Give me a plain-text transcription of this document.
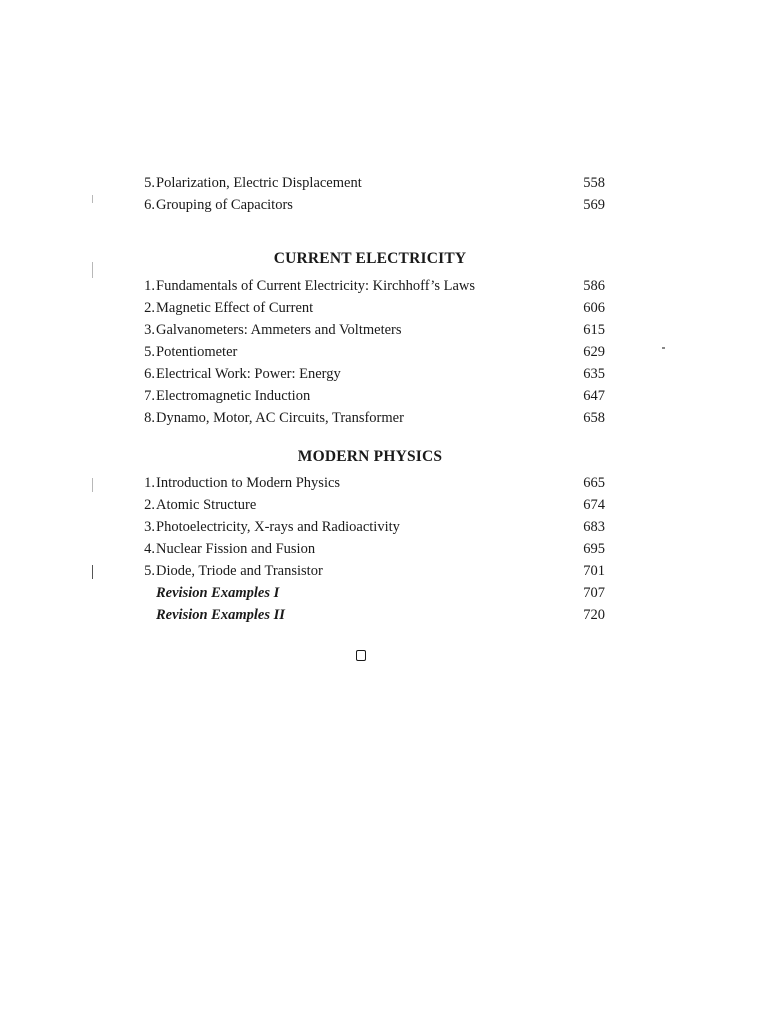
5. Polarization, Electric Displacement	558
6. Grouping of Capacitors	569
CURRENT ELECTRICITY
1. Fundamentals of Current Electricity: Kirchhoff’s Laws	586
2. Magnetic Effect of Current	606
3. Galvanometers: Ammeters and Voltmeters	615
5. Potentiometer	629
6. Electrical Work: Power: Energy	635
7. Electromagnetic Induction	647
8. Dynamo, Motor, AC Circuits, Transformer	658
MODERN PHYSICS
1. Introduction to Modern Physics	665
2. Atomic Structure	674
3. Photoelectricity, X-rays and Radioactivity	683
4. Nuclear Fission and Fusion	695
5. Diode, Triode and Transistor	701
Revision Examples I	707
Revision Examples II	720
